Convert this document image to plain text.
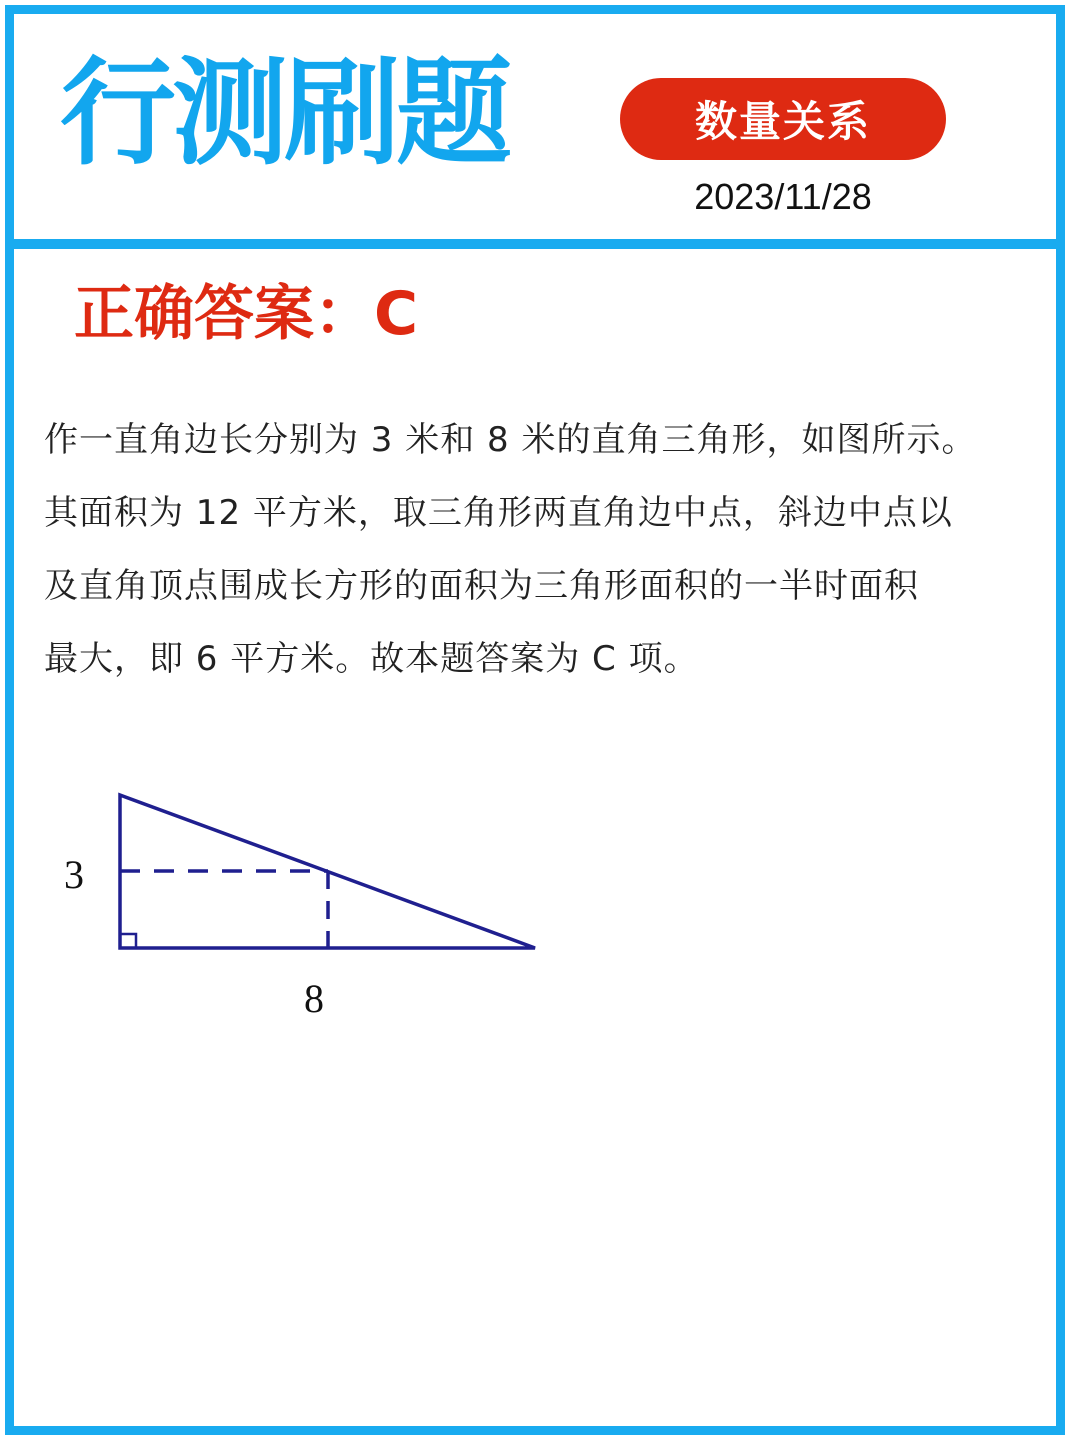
行测刷题	数量关系
2023/11/28
正确答案：C

作一直角边长分别为 3 米和 8 米的直角三角形，如图所示。

其面积为 12 平方米，取三角形两直角边中点，斜边中点以

及直角顶点围成长方形的面积为三角形面积的一半时面积

最大，即 6 平方米。故本题答案为 C 项。

3
8
